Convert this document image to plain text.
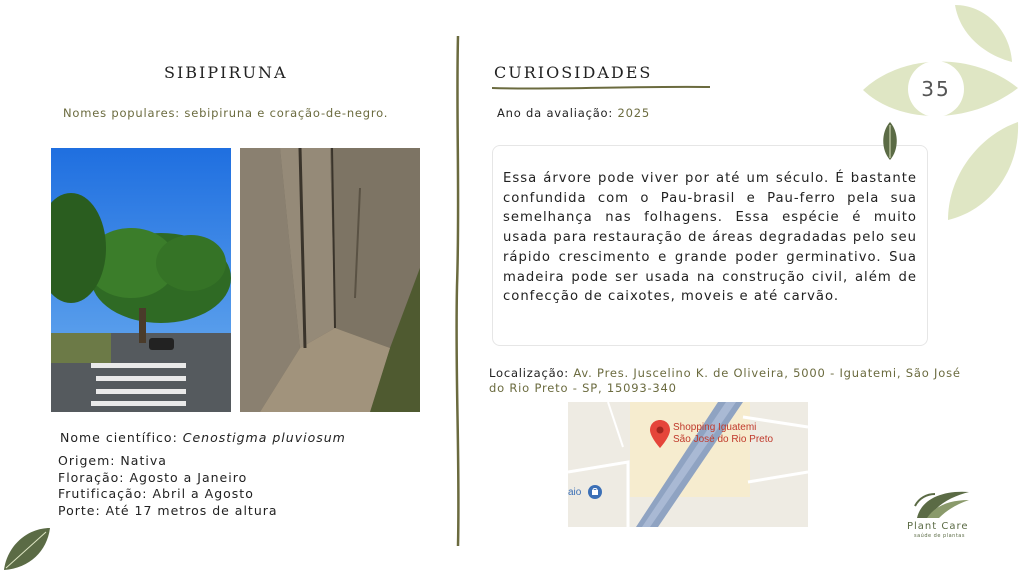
SIBIPIRUNA
Nomes populares: sebipiruna e coração-de-negro.
Nome científico: Cenostigma pluviosum
Origem: Nativa
Floração: Agosto a Janeiro
Frutificação: Abril a Agosto
Porte: Até 17 metros de altura
CURIOSIDADES
Ano da avaliação: 2025

Essa árvore pode viver por até um século. É bastante confundida com o Pau-brasil e Pau-ferro pela sua semelhança nas folhagens. Essa espécie é muito usada para restauração de áreas degradadas pelo seu rápido crescimento e grande poder germinativo. Sua madeira pode ser usada na construção civil, além de confecção de caixotes, moveis e até carvão.

Localização: Av. Pres. Juscelino K. de Oliveira, 5000 - Iguatemi, São José do Rio Preto - SP, 15093-340
Shopping Iguatemi
São José do Rio Preto
aio
35
Plant Care
saúde de plantas
